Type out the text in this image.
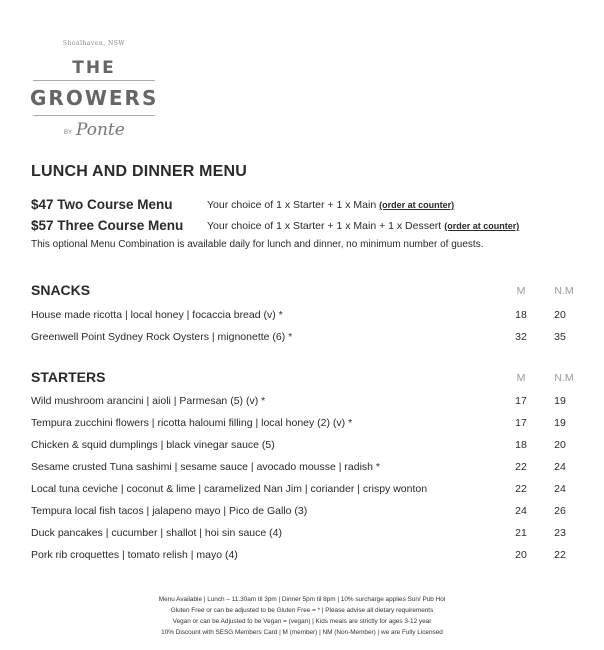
Shoalhaven, NSW
THE
GROWERS
BY Ponte
LUNCH AND DINNER MENU
$47 Two Course Menu	Your choice of 1 x Starter + 1 x Main (order at counter)
$57 Three Course Menu Your choice of 1 x Starter + 1 x Main + 1 x Dessert (order at counter)
This optional Menu Combination is available daily for lunch and dinner, no minimum number of guests.
SNACKS	M	N.M
House made ricotta | local honey | focaccia bread (v) *	18	20
Greenwell Point Sydney Rock Oysters | mignonette (6) *	32	35
STARTERS	M	N.M
Wild mushroom arancini | aioli | Parmesan (5) (v) *	17	19
Tempura zucchini flowers | ricotta haloumi filling | local honey (2) (v) *	17	19
Chicken & squid dumplings | black vinegar sauce (5)	18	20
Sesame crusted Tuna sashimi | sesame sauce | avocado mousse | radish *	22	24
Local tuna ceviche | coconut & lime | caramelized Nan Jim | coriander | crispy wonton	22	24
Tempura local fish tacos | jalapeno mayo | Pico de Gallo (3)	24	26
Duck pancakes | cucumber | shallot | hoi sin sauce (4)	21	23
Pork rib croquettes | tomato relish | mayo (4)	20	22
Menu Available | Lunch – 11.30am til 3pm | Dinner 5pm til 8pm | 10% surcharge applies Sun/ Pub Hol
Gluten Free or can be adjusted to be Gluten Free = * | Please advise all dietary requirements
Vegan or can be Adjusted to be Vegan = (vegan) | Kids meals are strictly for ages 3-12 year
10% Discount with SESG Members Card | M (member) | NM (Non-Member) | we are Fully Licensed
